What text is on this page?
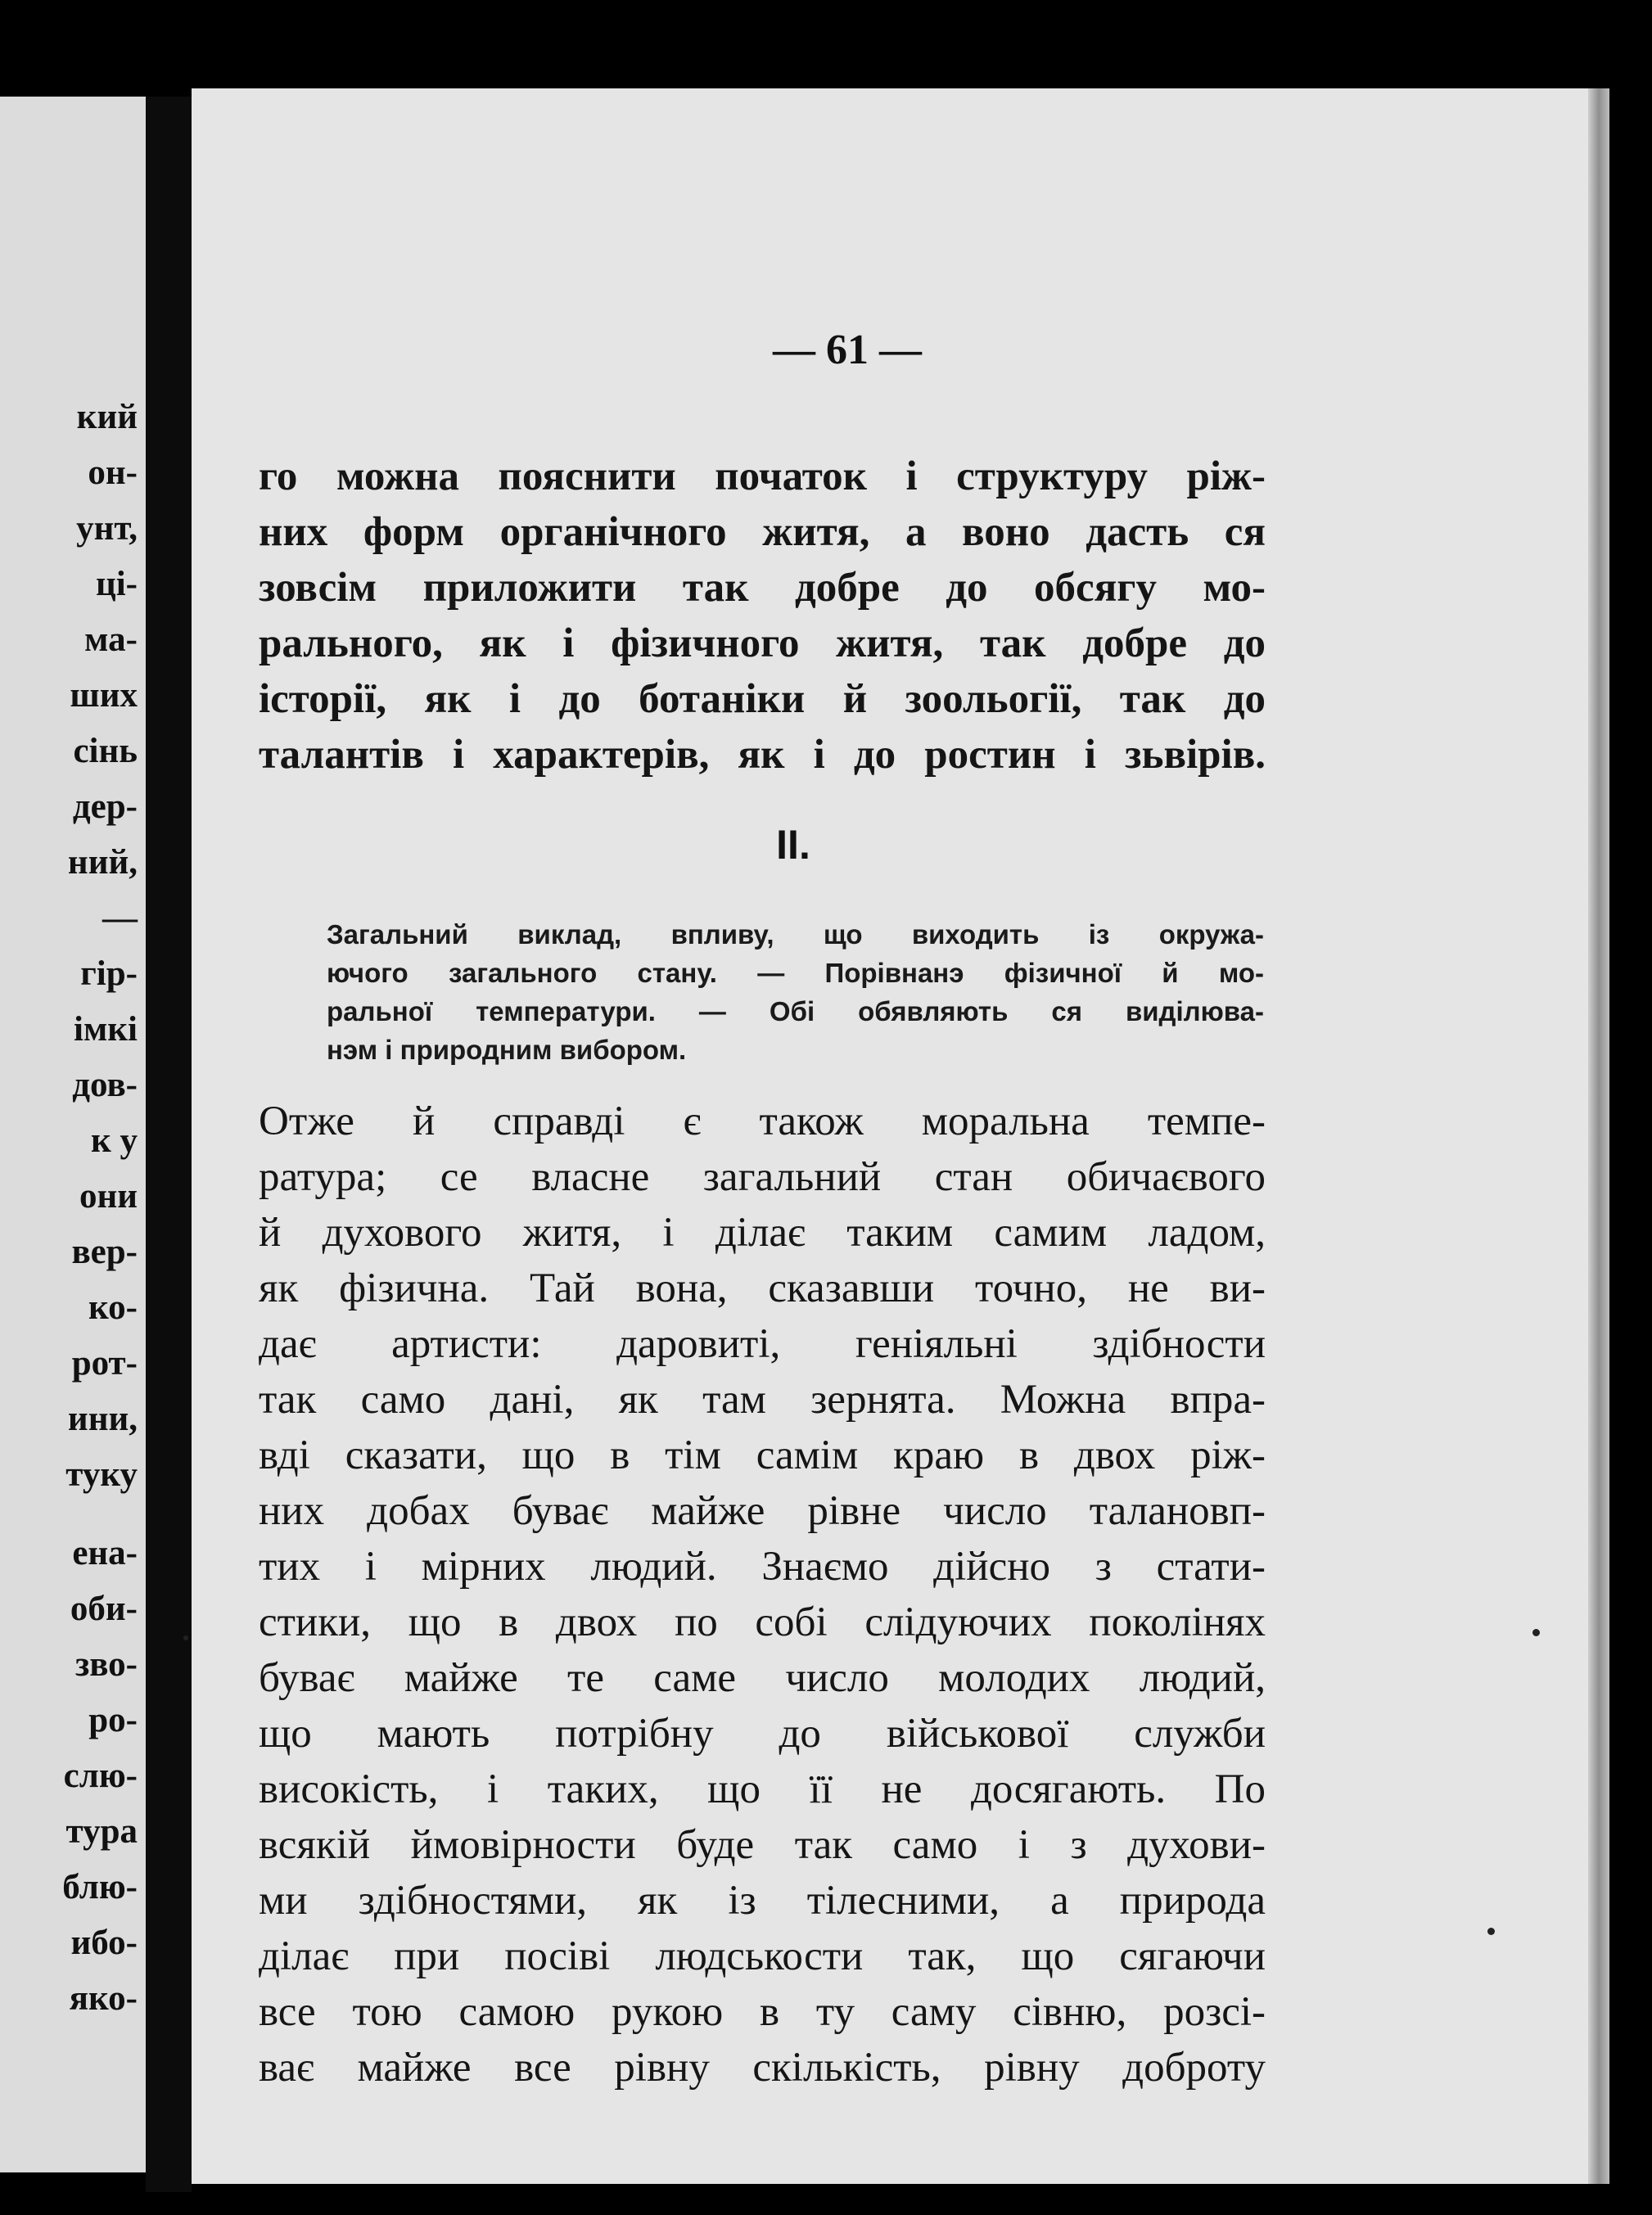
кий
он-
унт,
ці-
ма-
ших
сінь
дер-
ний,
—
гір-
імкі
дов-
к у
они
вер-
ко-
рот-
ини,
туку
ена-
оби-
зво-
ро-
слю-
тура
блю-
ибо-
яко-
— 61 —
го можна пояснити початок і структуру ріж-
них форм органічного житя, а воно дасть ся
зовсім приложити так добре до обсягу мо-
рального, як і фізичного житя, так добре до
історії, як і до ботаніки й зоольогії, так до
талантів і характерів, як і до ростин і зьвірів.
II.
Загальний виклад, впливу, що виходить із окружа-
ючого загального стану. — Порівнанэ фізичної й мо-
ральної температури. — Обі обявляють ся виділюва-
нэм і природним вибором.
Отже й справді є також моральна темпе-
ратура; се власне загальний стан обичаєвого
й духового житя, і ділає таким самим ладом,
як фізична. Тай вона, сказавши точно, не ви-
дає артисти: даровиті, геніяльні здібности
так само дані, як там зернята. Можна впра-
вді сказати, що в тім самім краю в двох ріж-
них добах буває майже рівне число талановп-
тих і мірних людий. Знаємо дійсно з стати-
стики, що в двох по собі слідуючих поколінях
буває майже те саме число молодих людий,
що мають потрібну до військової служби
високість, і таких, що її не досягають. По
всякій ймовірности буде так само і з духови-
ми здібностями, як із тілесними, а природа
ділає при посіві людськости так, що сягаючи
все тою самою рукою в ту саму сівню, розсі-
ває майже все рівну скількість, рівну доброту
